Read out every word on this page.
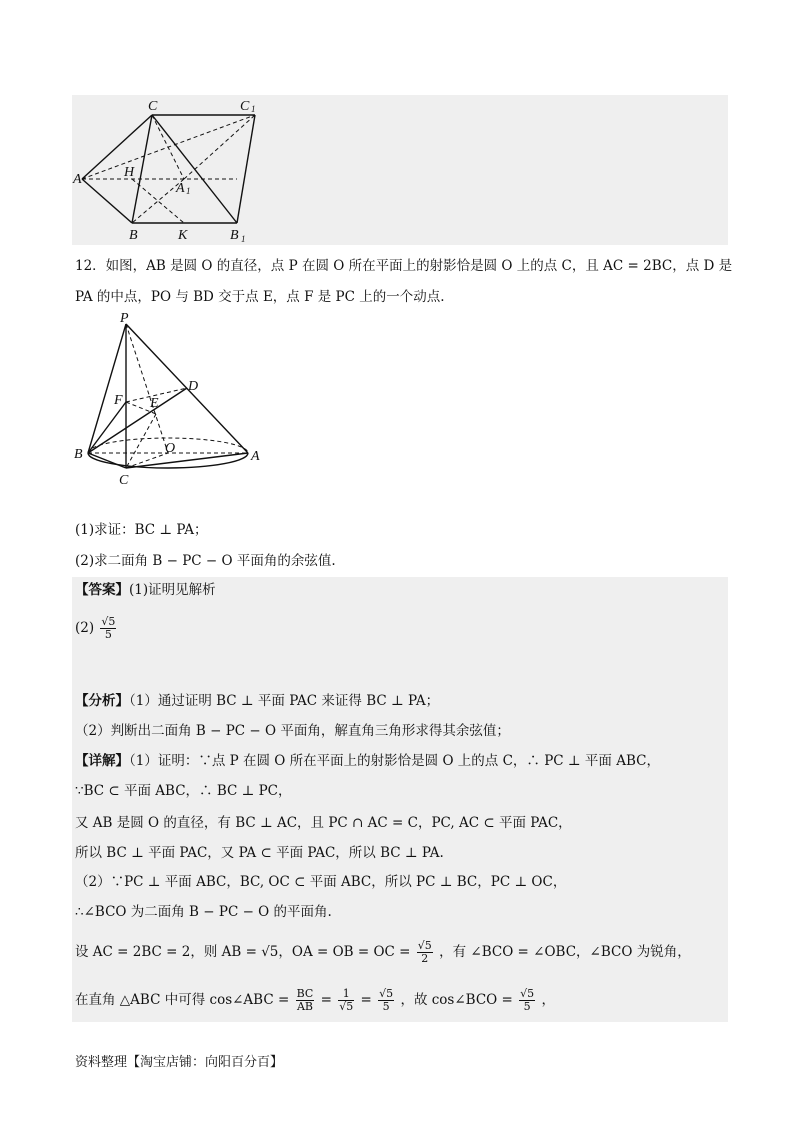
C	C 1
A	H
A 1
B	K	B 1
12．如图，AB 是圆 O 的直径，点 P 在圆 O 所在平面上的射影恰是圆 O 上的点 C，且 AC = 2BC，点 D 是
PA 的中点，PO 与 BD 交于点 E，点 F 是 PC 上的一个动点.
P
F E
D
B	O
A
C
(1)求证：BC ⊥ PA；
(2)求二面角 B − PC − O 平面角的余弦值.
【答案】(1)证明见解析
$(2) \frac{√5}{5}$
【分析】（1）通过证明 BC ⊥ 平面 PAC 来证得 BC ⊥ PA；
（2）判断出二面角 B − PC − O 平面角，解直角三角形求得其余弦值；
【详解】（1）证明：∵点 P 在圆 O 所在平面上的射影恰是圆 O 上的点 C，∴ PC ⊥ 平面 ABC，
∵BC ⊂ 平面 ABC，∴ BC ⊥ PC，
又 AB 是圆 O 的直径，有 BC ⊥ AC，且 PC ∩ AC = C，PC, AC ⊂ 平面 PAC，
所以 BC ⊥ 平面 PAC，又 PA ⊂ 平面 PAC，所以 BC ⊥ PA.
（2）∵PC ⊥ 平面 ABC，BC, OC ⊂ 平面 ABC，所以 PC ⊥ BC，PC ⊥ OC，
∴∠BCO 为二面角 B − PC − O 的平面角.
设 AC = 2BC = 2，则 AB = √5，OA = OB = OC = $\frac{√5}{2}$ ，有 ∠BCO = ∠OBC，∠BCO 为锐角，
在直角 △ABC 中可得 cos∠ABC = $\frac{BC}{AB} = \frac{1}{√5} = \frac{√5}{5}$ ，故 cos∠BCO = $\frac{√5}{5}$ ，
资料整理【淘宝店铺：向阳百分百】
